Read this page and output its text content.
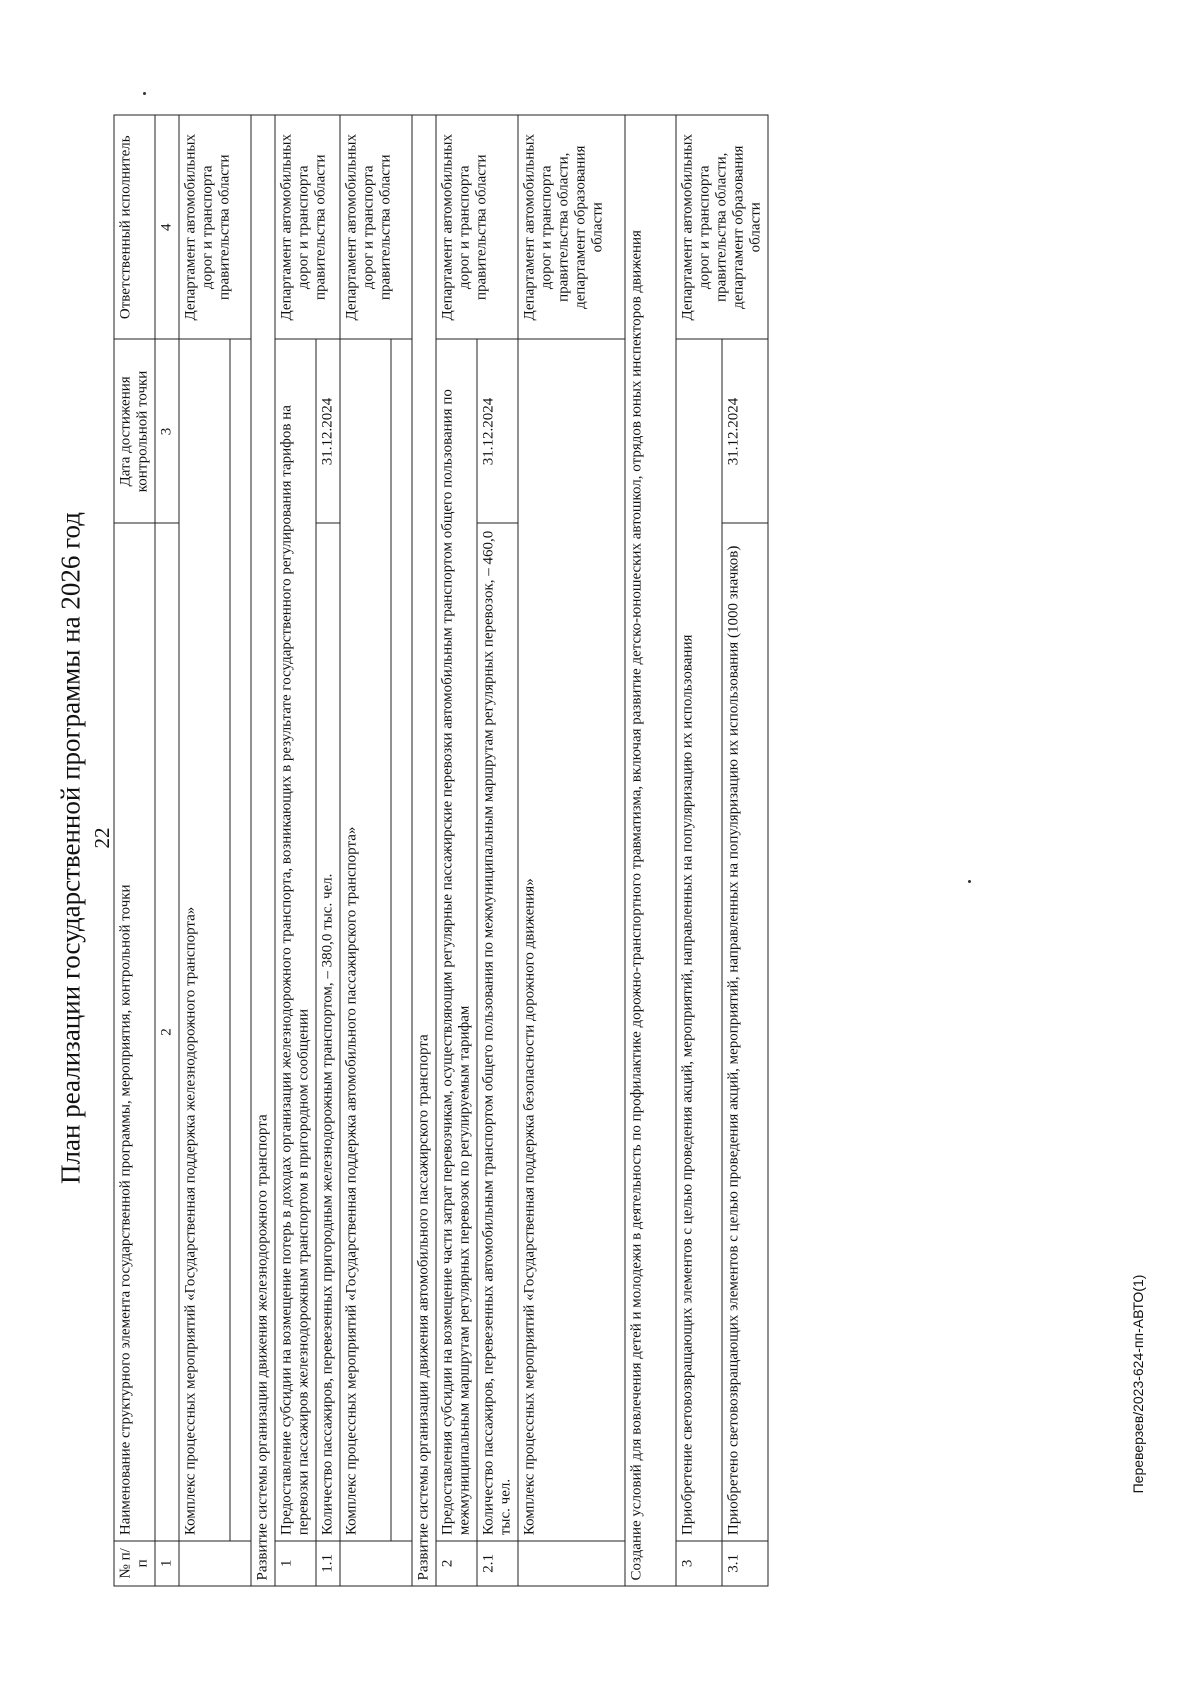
22
План реализации государственной программы на 2026 год
№ п/п	Наименование структурного элемента государственной программы, мероприятия, контрольной точки	Дата достижения контрольной точки	Ответственный исполнитель
1	2	3	4
	Комплекс процессных мероприятий «Государственная поддержка железнодорожного транспорта»		Департамент автомобильных дорог и транспорта правительства области

Развитие системы организации движения железнодорожного транспорта			
1	Предоставление субсидии на возмещение потерь в доходах организации железнодорожного транспорта, возникающих в результате государственного регулирования тарифов на перевозки пассажиров железнодорожным транспортом в пригородном сообщении		Департамент автомобильных дорог и транспорта правительства области
1.1	Количество пассажиров, перевезенных пригородным железнодорожным транспортом, – 380,0 тыс. чел.	31.12.2024	
	Комплекс процессных мероприятий «Государственная поддержка автомобильного пассажирского транспорта»		Департамент автомобильных дорог и транспорта правительства области

Развитие системы организации движения автомобильного пассажирского транспорта			
2	Предоставления субсидии на возмещение части затрат перевозчикам, осуществляющим регулярные пассажирские перевозки автомобильным транспортом общего пользования по межмуниципальным маршрутам регулярных перевозок по регулируемым тарифам		Департамент автомобильных дорог и транспорта правительства области
2.1	Количество пассажиров, перевезенных автомобильным транспортом общего пользования по межмуниципальным маршрутам регулярных перевозок, – 460,0 тыс. чел.	31.12.2024	
	Комплекс процессных мероприятий «Государственная поддержка безопасности дорожного движения»		Департамент автомобильных дорог и транспорта правительства области, департамент образования области
Создание условий для вовлечения детей и молодежи в деятельность по профилактике дорожно-транспортного травматизма, включая развитие детско-юношеских автошкол, отрядов юных инспекторов движения			
3	Приобретение световозвращающих элементов с целью проведения акций, мероприятий, направленных на популяризацию их использования		Департамент автомобильных дорог и транспорта правительства области, департамент образования области
3.1	Приобретено световозвращающих элементов с целью проведения акций, мероприятий, направленных на популяризацию их использования (1000 значков)	31.12.2024	
Переверзев/2023-624-пп-АВТО(1)
